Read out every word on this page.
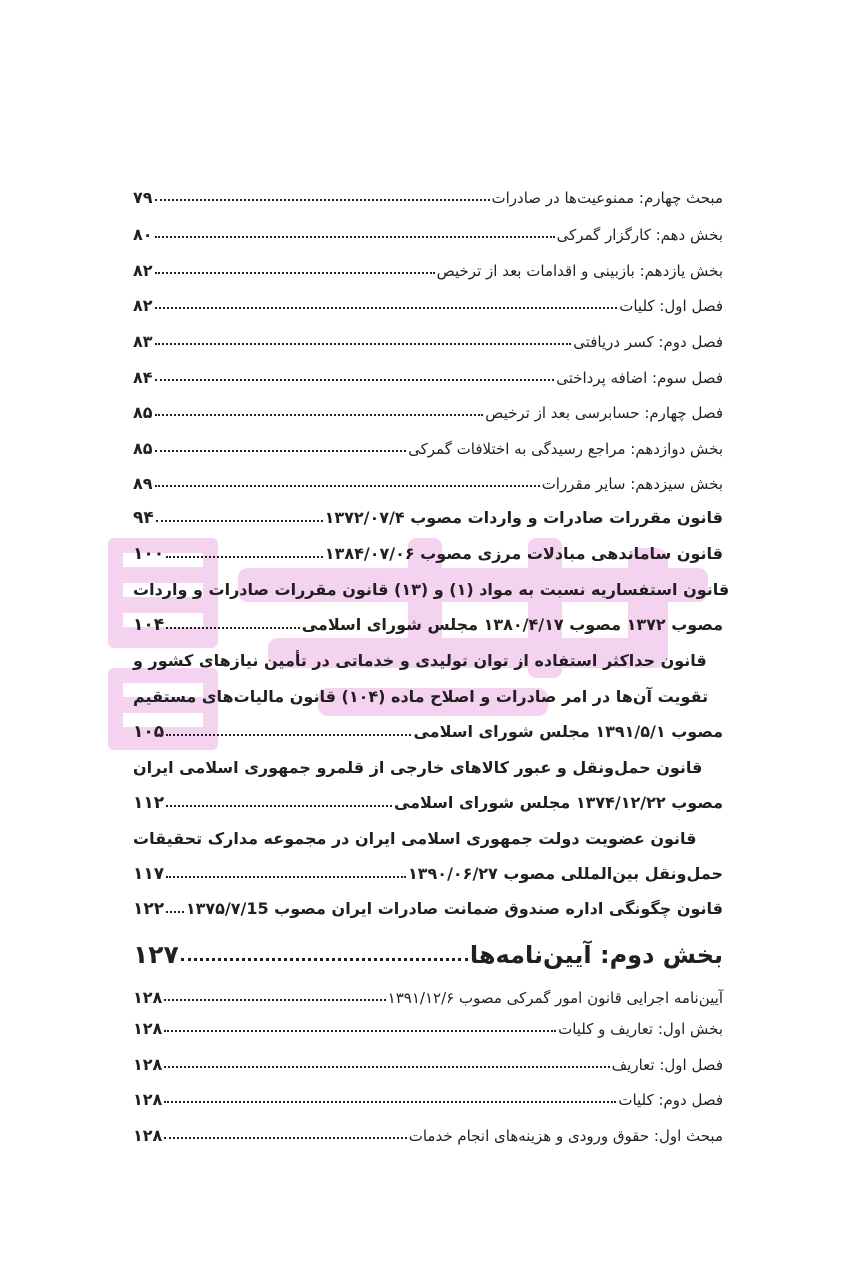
مبحث چهارم: ممنوعیت‌ها در صادرات
۷۹
بخش دهم: کارگزار گمرکی
۸۰
بخش یازدهم: بازبینی و اقدامات بعد از ترخیص
۸۲
فصل اول: کلیات
۸۲
فصل دوم: کسر دریافتی
۸۳
فصل سوم: اضافه پرداختی
۸۴
فصل چهارم: حسابرسی بعد از ترخیص
۸۵
بخش دوازدهم: مراجع رسیدگی به اختلافات گمرکی
۸۵
بخش سیزدهم: سایر مقررات
۸۹
قانون مقررات صادرات و واردات مصوب ۱۳۷۲/۰۷/۴
۹۴
قانون ساماندهی مبادلات مرزی مصوب ۱۳۸۴/۰۷/۰۶
۱۰۰
قانون استفساریه نسبت به مواد (۱) و (۱۳) قانون مقررات صادرات و واردات
مصوب ۱۳۷۲ مصوب ۱۳۸۰/۴/۱۷ مجلس شورای اسلامی
۱۰۴
قانون حداکثر استفاده از توان تولیدی و خدماتی در تأمین نیازهای کشور و
تقویت آن‌ها در امر صادرات و اصلاح ماده (۱۰۴) قانون مالیات‌های مستقیم
مصوب ۱۳۹۱/۵/۱ مجلس شورای اسلامی
۱۰۵
قانون حمل‌ونقل و عبور کالاهای خارجی از قلمرو جمهوری اسلامی ایران
مصوب ۱۳۷۴/۱۲/۲۲ مجلس شورای اسلامی
۱۱۲
قانون عضویت دولت جمهوری اسلامی ایران در مجموعه مدارک تحقیقات
حمل‌ونقل بین‌المللی مصوب ۱۳۹۰/۰۶/۲۷
۱۱۷
قانون چگونگی اداره صندوق ضمانت صادرات ایران مصوب ۱۳۷۵/۷/15
۱۲۲
بخش دوم: آیین‌نامه‌ها
۱۲۷
آیین‌نامه اجرایی قانون امور گمرکی مصوب ۱۳۹۱/۱۲/۶
۱۲۸
بخش اول: تعاریف و کلیات
۱۲۸
فصل اول: تعاریف
۱۲۸
فصل دوم: کلیات
۱۲۸
مبحث اول: حقوق ورودی و هزینه‌های انجام خدمات
۱۲۸
